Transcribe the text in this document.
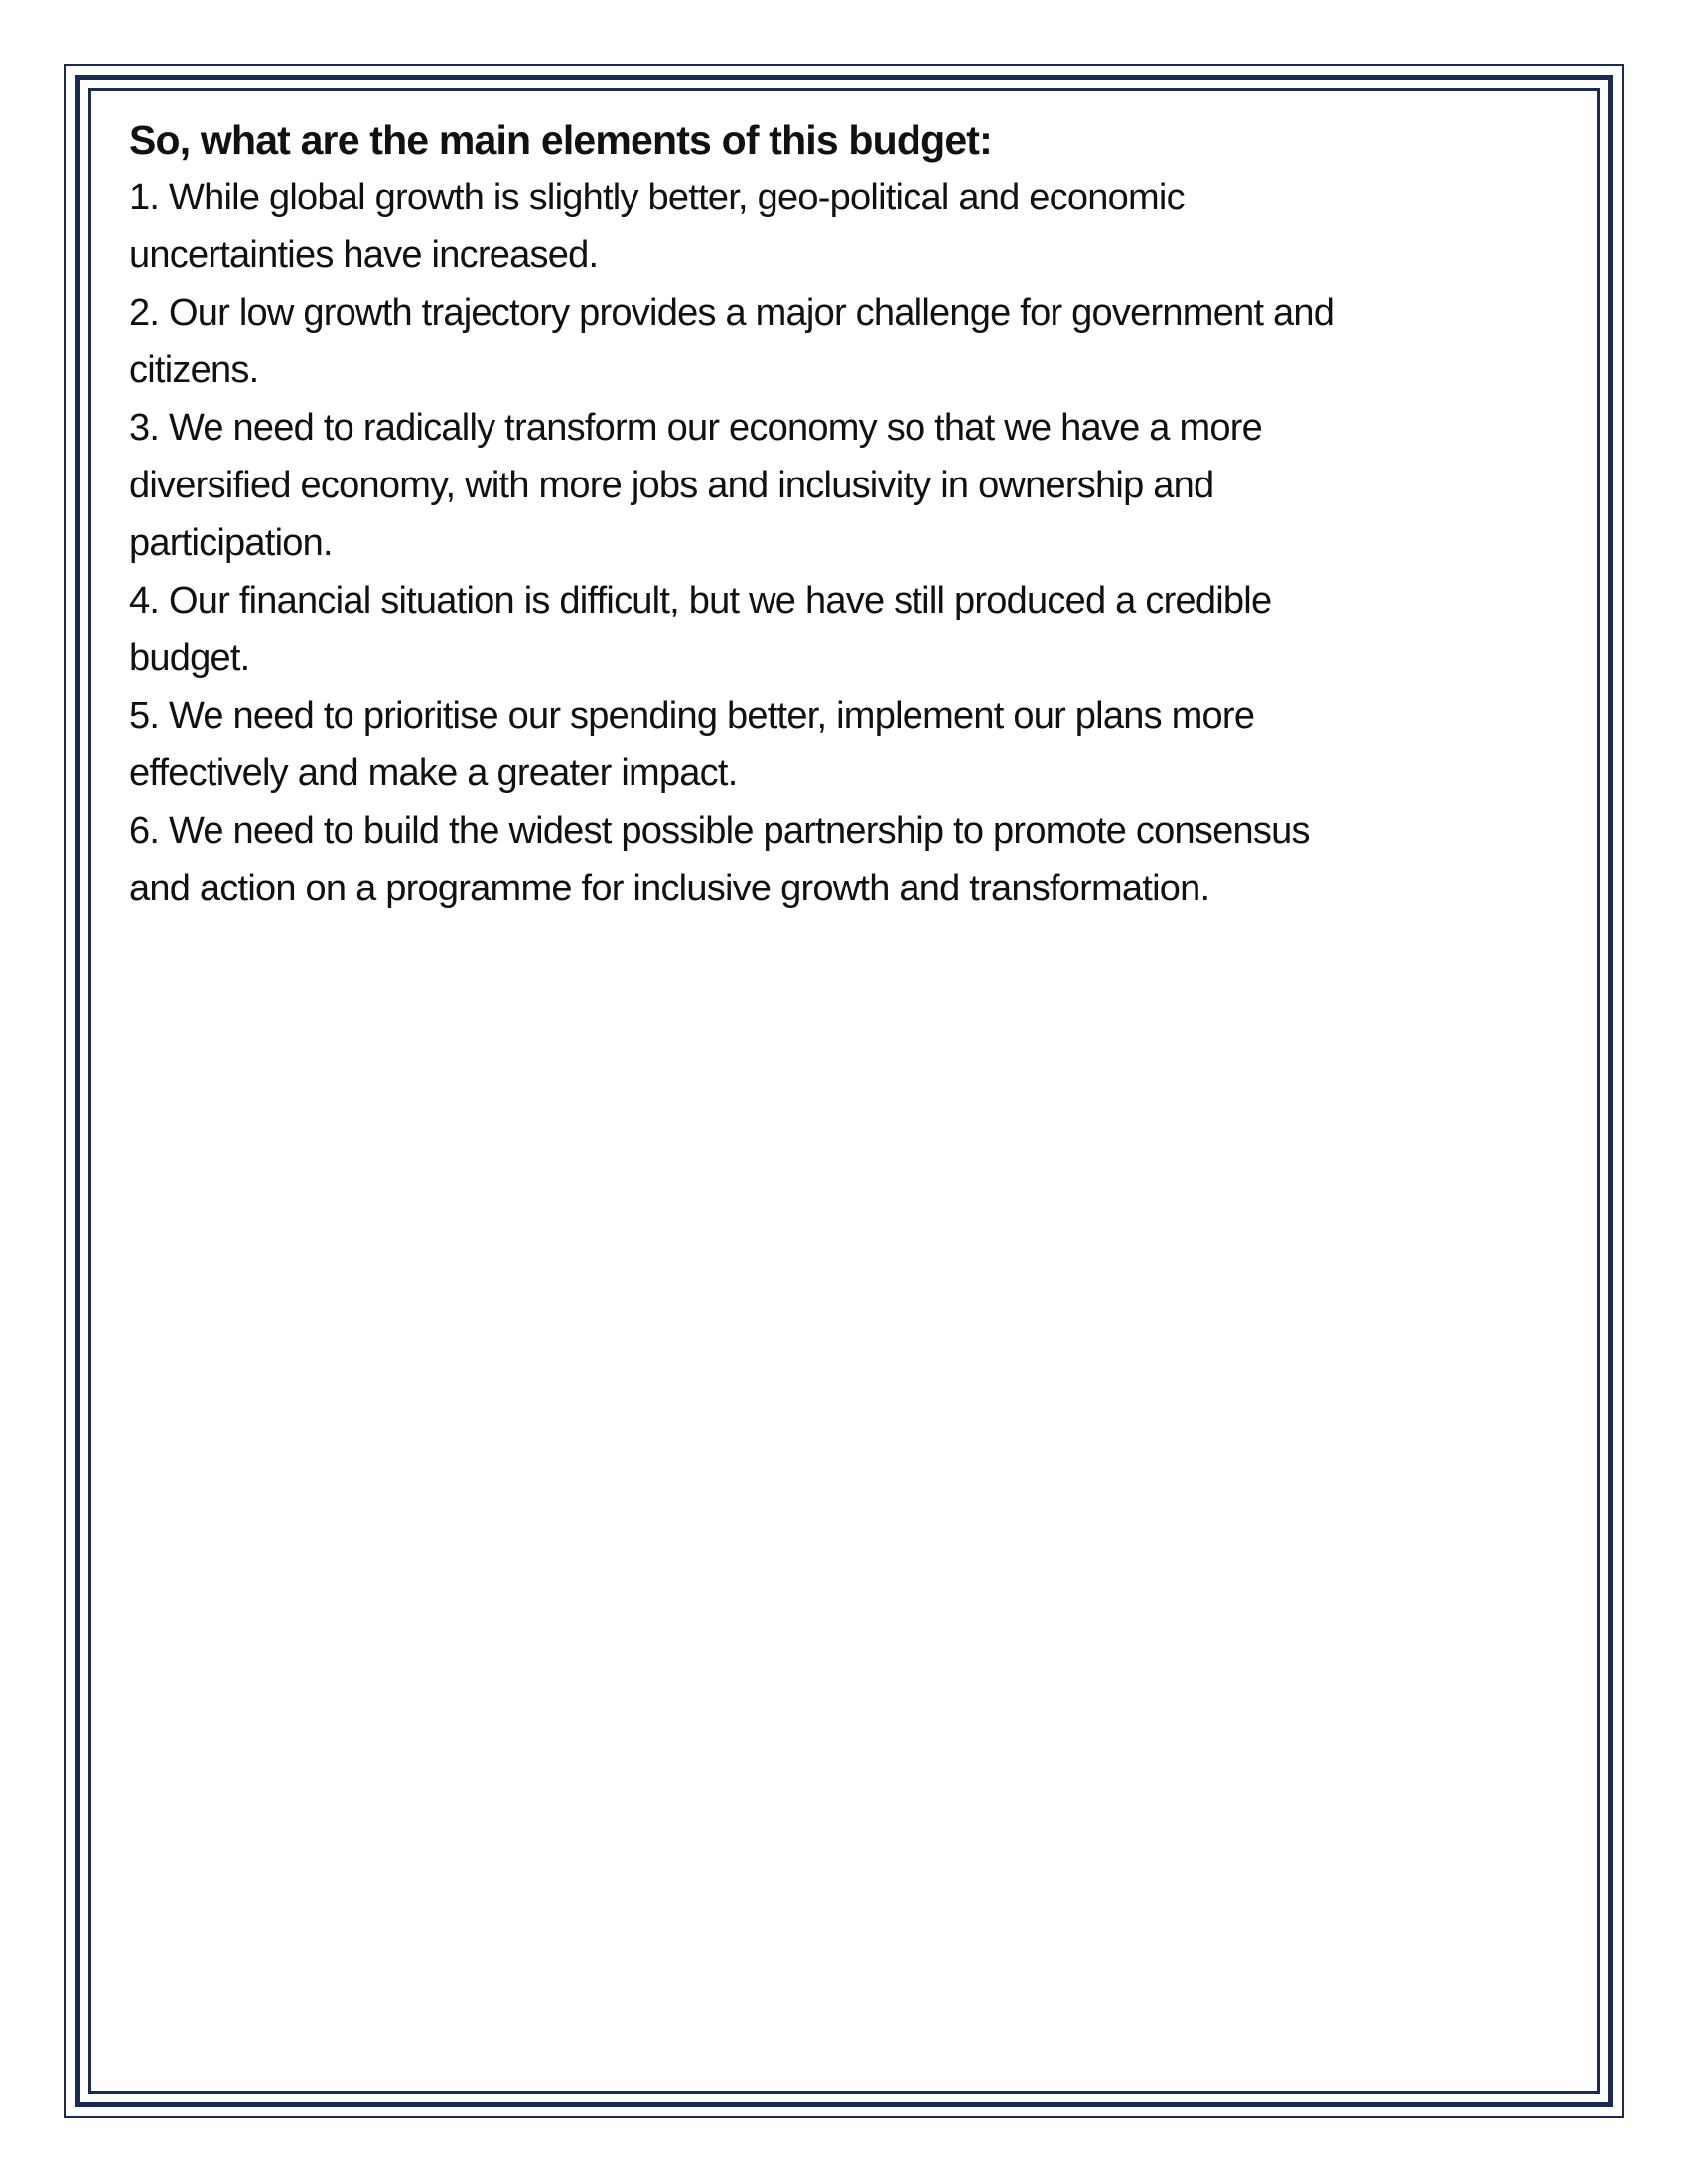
So, what are the main elements of this budget:
1. While global growth is slightly better, geo-political and economic
uncertainties have increased.
2. Our low growth trajectory provides a major challenge for government and
citizens.
3. We need to radically transform our economy so that we have a more
diversified economy, with more jobs and inclusivity in ownership and
participation.
4. Our financial situation is difficult, but we have still produced a credible
budget.
5. We need to prioritise our spending better, implement our plans more
effectively and make a greater impact.
6. We need to build the widest possible partnership to promote consensus
and action on a programme for inclusive growth and transformation.
